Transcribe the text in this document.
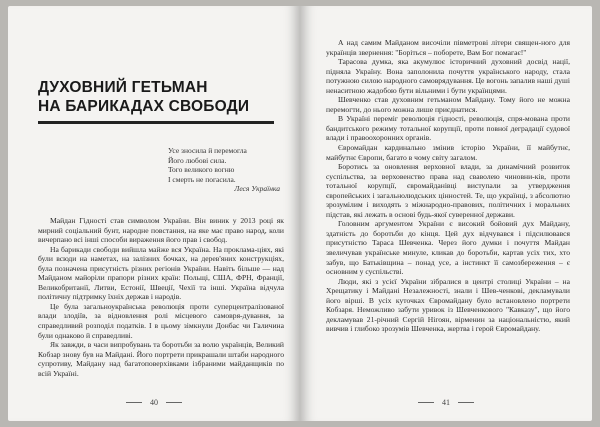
ДУХОВНИЙ ГЕТЬМАН
НА БАРИКАДАХ СВОБОДИ
Усе зносила й перемогла
Його любові сила.
Того великого вогню
І смерть не погасила.
Леся Українка

Майдан Гідності став символом України. Він виник у 2013 році як мирний соціальний бунт, народне повстання, на яке має право народ, коли вичерпано всі інші способи вираження його прав і свобод.

На барикади свободи вийшла майже вся Україна. На проклама-ціях, які були всюди на наметах, на залізних бочках, на дерев'яних конструкціях, була позначена присутність різних регіонів України. Навіть більше — над Майданом майоріли прапори різних країн: Польщі, США, ФРН, Франції, Великобританії, Литви, Естонії, Швеції, Чехії та інші. Україна відчула політичну підтримку їхніх держав і народів.

Це була загальноукраїнська революція проти суперцентралізованої влади злодіїв, за відновлення ролі місцевого самовря-дування, за справедливий розподіл податків. І в цьому зімкнули Донбас чи Галичина були однаково й справедливі.

Як завжди, в часи випробувань та боротьби за волю українців, Великий Кобзар знову був на Майдані. Його портрети прикрашали штаби народного супротиву, Майдану над багатоповерхівками ізбраними майданщиків по всій Україні.

40

А над самим Майданом височіли півметрові літери священ-ного для українців звернення: "Боріться – поборете, Вам Бог помагає!"

Тарасова думка, яка акумулює історичний духовний досвід нації, підняла Україну. Вона заполонила почуття українського народу, стала потужною силою народного самоврядування. Це вогонь запалив наші душі ненаситною жадобою бути вільними і бути українцями.

Шевченко став духовним гетьманом Майдану. Тому його не можна перемогти, до нього можна лише приєднатися.

В Україні переміг революція гідності, революція, спря-мована проти бандитського режиму тотальної корупції, проти повної деградації судової влади і правоохоронних органів.

Євромайдан кардинально змінив історію України, її майбутнє, майбутнє Європи, багато в чому світу загалом.

Боротись за оновлення верховної влади, за динамічний розвиток суспільства, за верховенство права над сваволею чиновни-ків, проти тотальної корупції, євромайданівці виступали за утвердження європейських і загальнолюдських цінностей. Те, що українці, з абсолютно зрозумілим і виходять з міжнародно-правових, політичних і моральних підстав, які лежать в основі будь-якої суверенної держави.

Головним аргументом України є високий бойовий дух Майдану, здатність до боротьби до кінця. Цей дух відчувався і підсилювався присутністю Тараса Шевченка. Через його думки і почуття Майдан звеличував українське минуле, кликав до боротьби, картав усіх тих, хто забув, що Батьківщина – понад усе, а інстинкт її самозбереження – є основним у суспільстві.

Люди, які з усієї України зібралися в центрі столиці України – на Хрещатику і Майдані Незалежності, знали і Шев-ченкові, декламували його вірші. В усіх куточках Євромайдану було встановлено портрети Кобзаря. Неможливо забути уривок із Шевченкового "Кавказу", що його декламував 21-річний Сергій Нігоян, вірменин за національністю, який вивчив і глибоко зрозумів Шевченка, жертва і герой Євромайдану.

41
